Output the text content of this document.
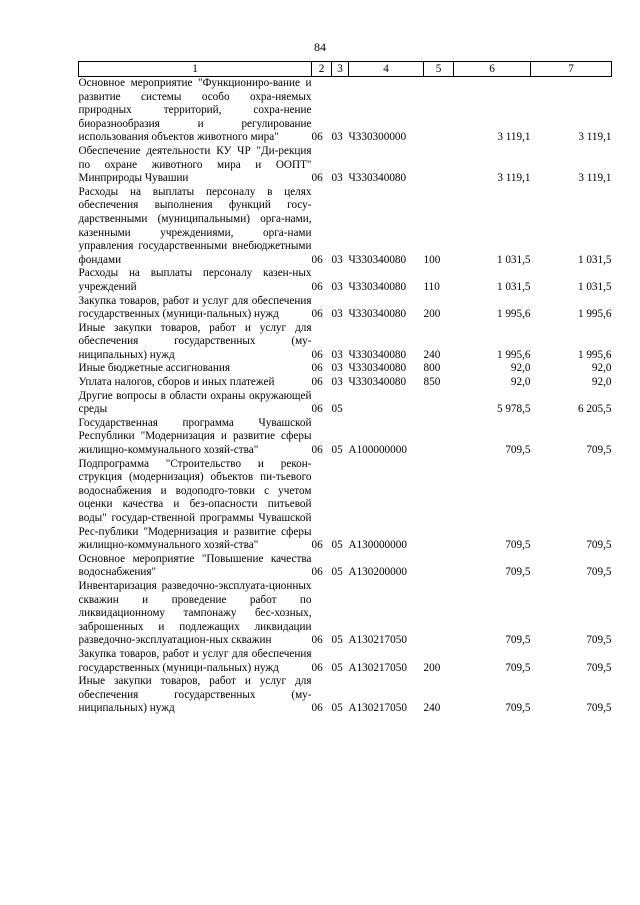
84
1	2	3	4	5	6	7
Основное мероприятие "Функциониро-вание и развитие системы особо охра-няемых природных территорий, сохра-нение биоразнообразия и регулирование использования объектов животного мира"	06	03	Ч330300000		3 119,1	3 119,1
Обеспечение деятельности КУ ЧР "Ди-рекция по охране животного мира и ООПТ" Минприроды Чувашии	06	03	Ч330340080		3 119,1	3 119,1
Расходы на выплаты персоналу в целях обеспечения выполнения функций госу-дарственными (муниципальными) орга-нами, казенными учреждениями, орга-нами управления государственными внебюджетными фондами	06	03	Ч330340080	100	1 031,5	1 031,5
Расходы на выплаты персоналу казен-ных учреждений	06	03	Ч330340080	110	1 031,5	1 031,5
Закупка товаров, работ и услуг для обеспечения государственных (муници-пальных) нужд	06	03	Ч330340080	200	1 995,6	1 995,6
Иные закупки товаров, работ и услуг для обеспечения государственных (му-ниципальных) нужд	06	03	Ч330340080	240	1 995,6	1 995,6
Иные бюджетные ассигнования	06	03	Ч330340080	800	92,0	92,0
Уплата налогов, сборов и иных платежей	06	03	Ч330340080	850	92,0	92,0
Другие вопросы в области охраны окружающей среды	06	05			5 978,5	6 205,5
Государственная программа Чувашской Республики "Модернизация и развитие сферы жилищно-коммунального хозяй-ства"	06	05	А100000000		709,5	709,5
Подпрограмма "Строительство и рекон-струкция (модернизация) объектов пи-тьевого водоснабжения и водоподго-товки с учетом оценки качества и без-опасности питьевой воды" государ-ственной программы Чувашской Рес-публики "Модернизация и развитие сферы жилищно-коммунального хозяй-ства"	06	05	А130000000		709,5	709,5
Основное мероприятие "Повышение качества водоснабжения"	06	05	А130200000		709,5	709,5
Инвентаризация разведочно-эксплуата-ционных скважин и проведение работ по ликвидационному тампонажу бес-хозных, заброшенных и подлежащих ликвидации разведочно-эксплуатацион-ных скважин	06	05	А130217050		709,5	709,5
Закупка товаров, работ и услуг для обеспечения государственных (муници-пальных) нужд	06	05	А130217050	200	709,5	709,5
Иные закупки товаров, работ и услуг для обеспечения государственных (му-ниципальных) нужд	06	05	А130217050	240	709,5	709,5
